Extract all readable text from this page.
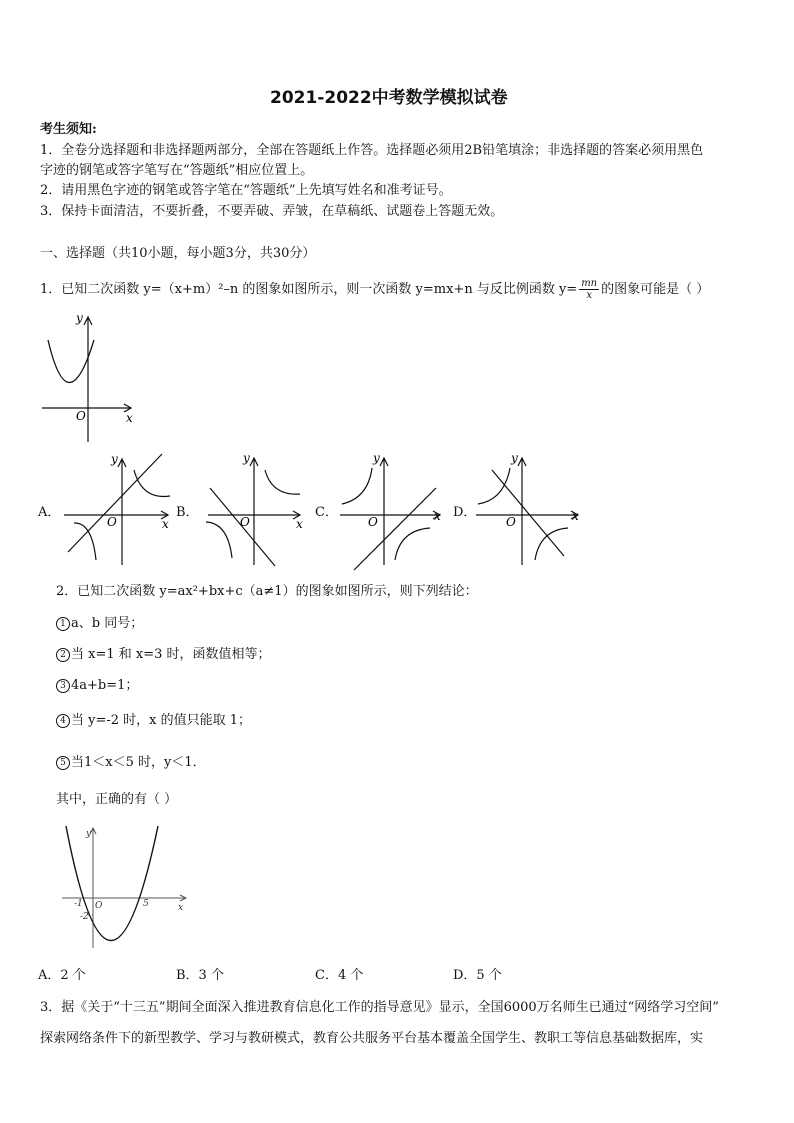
2021-2022中考数学模拟试卷
考生须知:
1．全卷分选择题和非选择题两部分，全部在答题纸上作答。选择题必须用2B铅笔填涂；非选择题的答案必须用黑色
字迹的钢笔或答字笔写在“答题纸”相应位置上。
2．请用黑色字迹的钢笔或答字笔在“答题纸”上先填写姓名和准考证号。
3．保持卡面清洁，不要折叠，不要弄破、弄皱，在草稿纸、试题卷上答题无效。
一、选择题（共10小题，每小题3分，共30分）
1．已知二次函数 y=（x+m）²–n 的图象如图所示，则一次函数 y=mx+n 与反比例函数 $y= \frac{mn}{x}$ 的图象可能是（ ）
x
y
O
A．	B．	C．	D．
x
y
O	x
y
O	x
y
O	x
y
O
2．已知二次函数 y=ax²+bx+c（a≠1）的图象如图所示，则下列结论：
1 a、b 同号；
2 当 x=1 和 x=3 时，函数值相等；
3 4a+b=1；
4 当 y=-2 时，x 的值只能取 1；
5 当1＜x＜5 时，y＜1．
其中，正确的有（ ）
x
y
O
-1	5
-2
A．2 个	B．3 个	C．4 个	D．5 个
3．据《关于“十三五”期间全面深入推进教育信息化工作的指导意见》显示，全国6000万名师生已通过“网络学习空间”
探索网络条件下的新型教学、学习与教研模式，教育公共服务平台基本覆盖全国学生、教职工等信息基础数据库，实
